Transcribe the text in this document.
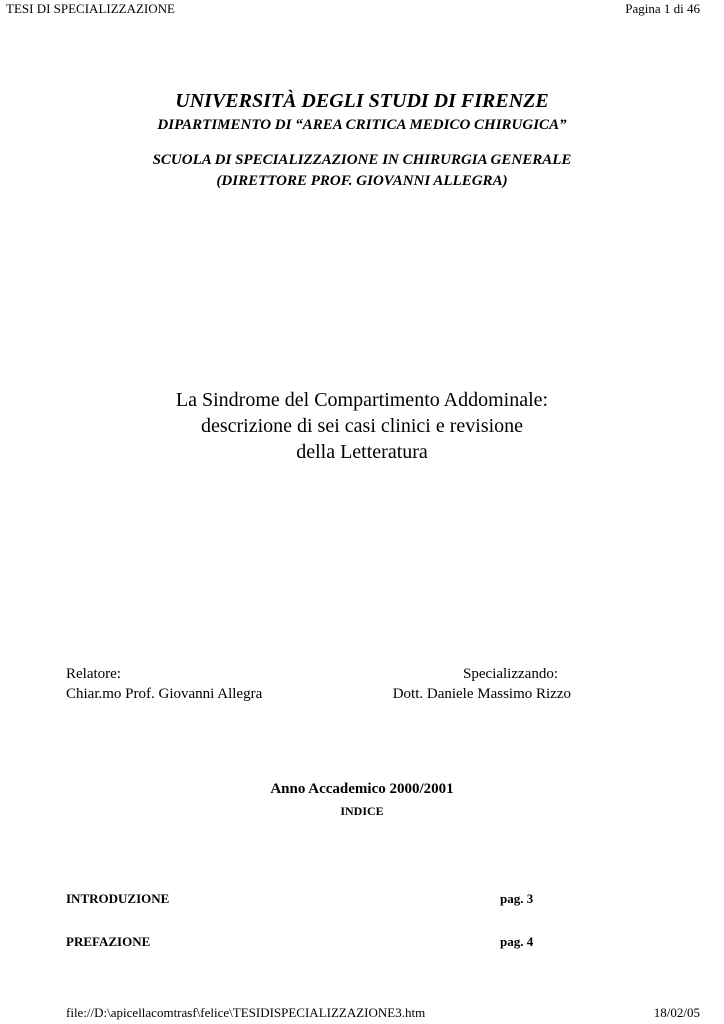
TESI DI SPECIALIZZAZIONE	Pagina 1 di 46
UNIVERSITÀ DEGLI STUDI DI FIRENZE
DIPARTIMENTO DI “AREA CRITICA MEDICO CHIRUGICA”
SCUOLA DI SPECIALIZZAZIONE IN CHIRURGIA GENERALE
(DIRETTORE PROF. GIOVANNI ALLEGRA)
La Sindrome del Compartimento Addominale:
descrizione di sei casi clinici e revisione
della Letteratura
Relatore:
Chiar.mo Prof. Giovanni Allegra
Specializzando:
Dott. Daniele Massimo Rizzo
Anno Accademico 2000/2001
INDICE
INTRODUZIONE	pag. 3
PREFAZIONE	pag. 4
file://D:\apicellacomtrasf\felice\TESIDISPECIALIZZAZIONE3.htm	18/02/05
